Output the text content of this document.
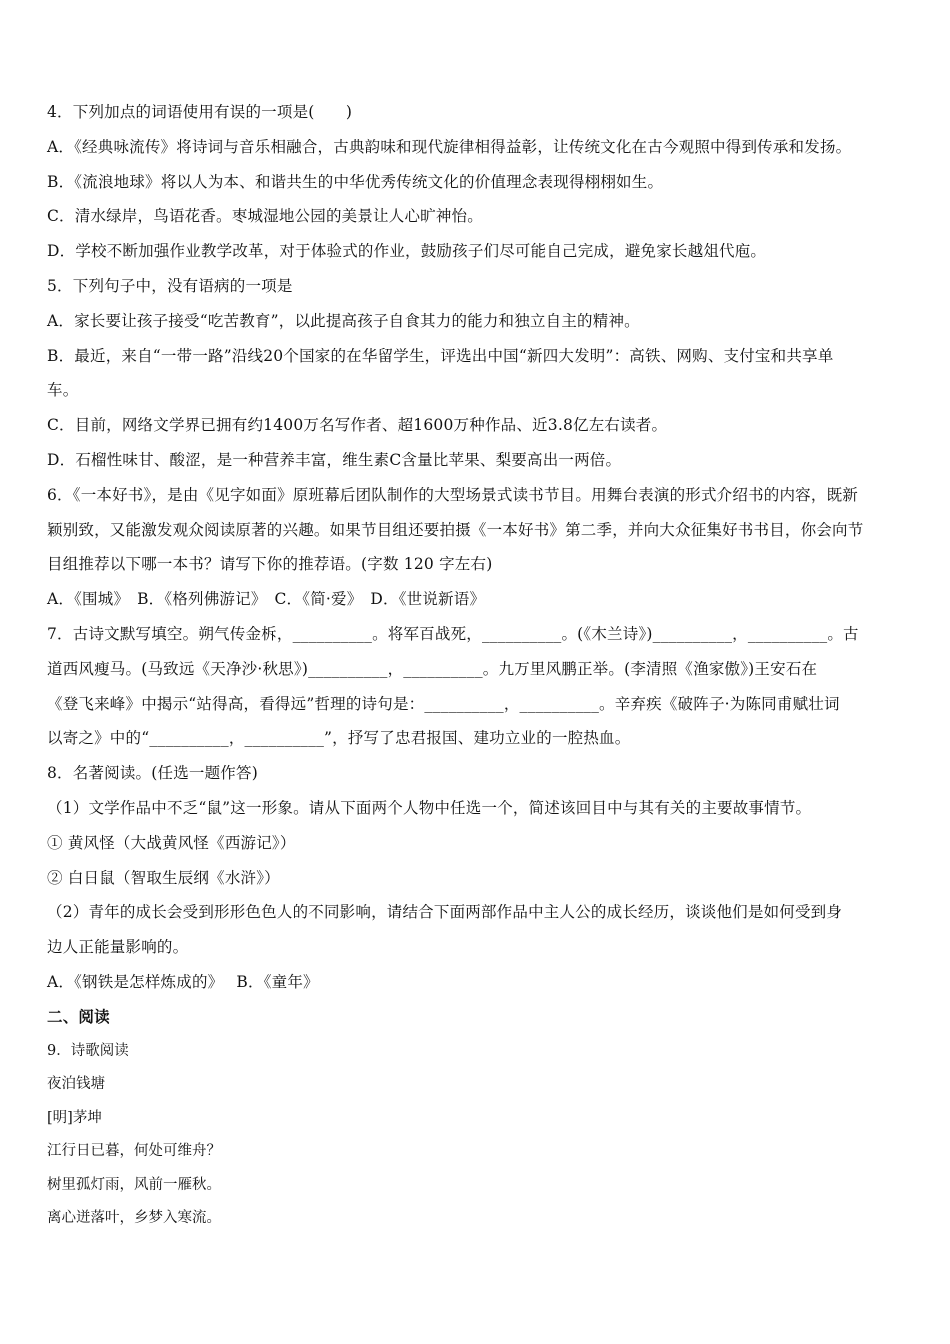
4．下列加点的词语使用有误的一项是(　　)
A．《经典咏流传》将诗词与音乐相融合，古典韵味和现代旋律相得益彰，让传统文化在古今观照中得到传承和发扬。
B．《流浪地球》将以人为本、和谐共生的中华优秀传统文化的价值理念表现得栩栩如生。
C．清水绿岸，鸟语花香。枣城湿地公园的美景让人心旷神怡。
D．学校不断加强作业教学改革，对于体验式的作业，鼓励孩子们尽可能自己完成，避免家长越俎代庖。
5．下列句子中，没有语病的一项是
A．家长要让孩子接受“吃苦教育”，以此提高孩子自食其力的能力和独立自主的精神。
B．最近，来自“一带一路”沿线20个国家的在华留学生，评选出中国“新四大发明”：高铁、网购、支付宝和共享单
车。
C．目前，网络文学界已拥有约1400万名写作者、超1600万种作品、近3.8亿左右读者。
D．石榴性味甘、酸涩，是一种营养丰富，维生素C含量比苹果、梨要高出一两倍。
6．《一本好书》，是由《见字如面》原班幕后团队制作的大型场景式读书节目。用舞台表演的形式介绍书的内容，既新
颖别致，又能激发观众阅读原著的兴趣。如果节目组还要拍摄《一本好书》第二季，并向大众征集好书书目，你会向节
目组推荐以下哪一本书？请写下你的推荐语。(字数 120 字左右)
A．《围城》　B．《格列佛游记》　C．《简·爱》　D．《世说新语》
7．古诗文默写填空。朔气传金柝，__________。将军百战死，__________。(《木兰诗》)__________，__________。古
道西风瘦马。(马致远《天净沙·秋思》)__________，__________。九万里风鹏正举。(李清照《渔家傲》)王安石在
《登飞来峰》中揭示“站得高，看得远”哲理的诗句是：__________，__________。辛弃疾《破阵子·为陈同甫赋壮词
以寄之》中的“__________，__________”，抒写了忠君报国、建功立业的一腔热血。
8．名著阅读。(任选一题作答)
（1）文学作品中不乏“鼠”这一形象。请从下面两个人物中任选一个，简述该回目中与其有关的主要故事情节。
① 黄风怪（大战黄风怪《西游记》）
② 白日鼠（智取生辰纲《水浒》）
（2）青年的成长会受到形形色色人的不同影响，请结合下面两部作品中主人公的成长经历，谈谈他们是如何受到身
边人正能量影响的。
A．《钢铁是怎样炼成的》　 B．《童年》
二、阅读
9．诗歌阅读
夜泊钱塘
[明]茅坤
江行日已暮，何处可维舟？
树里孤灯雨，风前一雁秋。
离心迸落叶，乡梦入寒流。
